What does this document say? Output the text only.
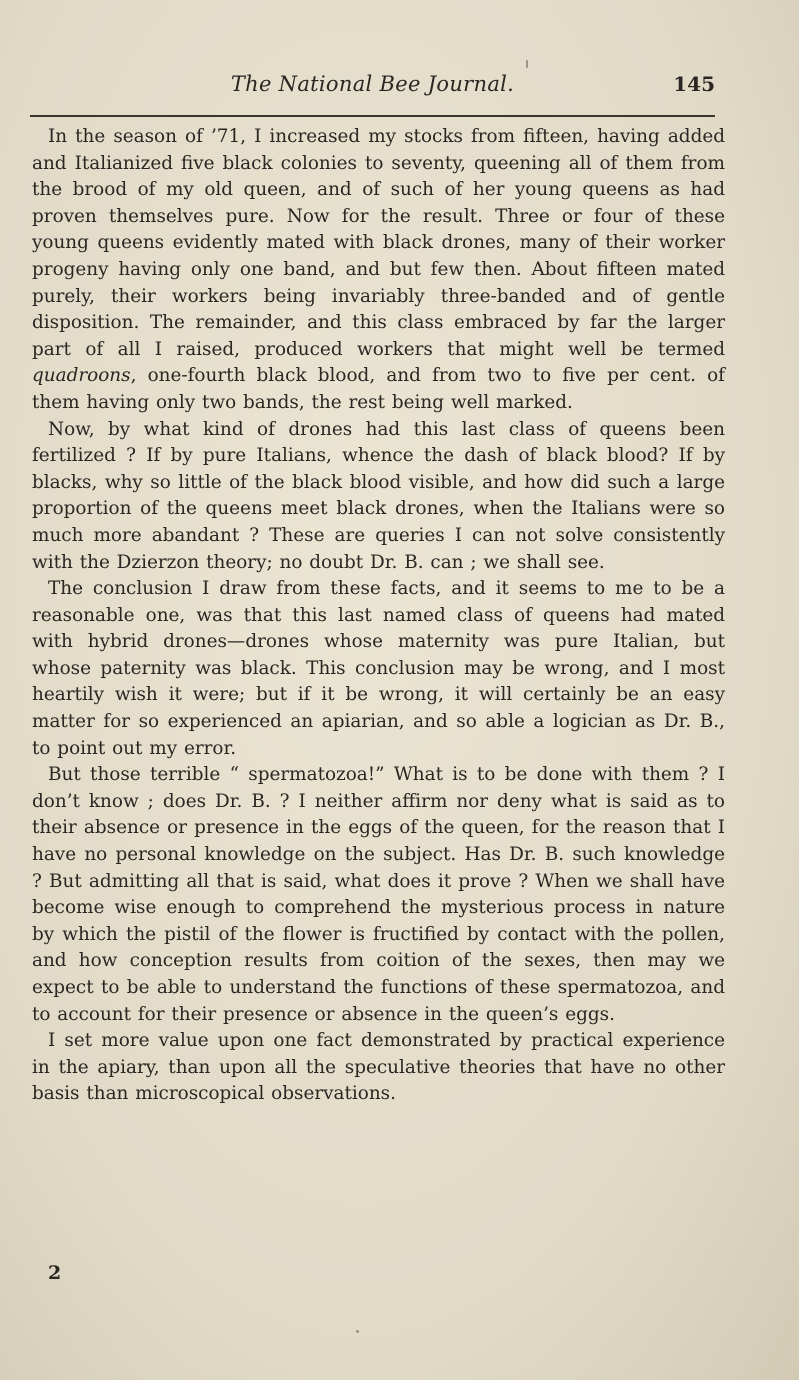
The National Bee Journal.	145

In the season of ’71, I increased my stocks from fifteen, having added and Italianized five black colonies to seventy, queening all of them from the brood of my old queen, and of such of her young queens as had proven themselves pure. Now for the result. Three or four of these young queens evidently mated with black drones, many of their worker progeny having only one band, and but few then. About fifteen mated purely, their workers being invariably three-banded and of gentle disposition. The remainder, and this class embraced by far the larger part of all I raised, produced workers that might well be termed quadroons, one-fourth black blood, and from two to five per cent. of them having only two bands, the rest being well marked.

Now, by what kind of drones had this last class of queens been fertilized ? If by pure Italians, whence the dash of black blood? If by blacks, why so little of the black blood visible, and how did such a large proportion of the queens meet black drones, when the Italians were so much more abandant ? These are queries I can not solve consistently with the Dzierzon theory; no doubt Dr. B. can ; we shall see.

The conclusion I draw from these facts, and it seems to me to be a reasonable one, was that this last named class of queens had mated with hybrid drones—drones whose maternity was pure Italian, but whose paternity was black. This conclusion may be wrong, and I most heartily wish it were; but if it be wrong, it will certainly be an easy matter for so experienced an apiarian, and so able a logician as Dr. B., to point out my error.

But those terrible “ spermatozoa!” What is to be done with them ? I don’t know ; does Dr. B. ? I neither affirm nor deny what is said as to their absence or presence in the eggs of the queen, for the reason that I have no personal knowledge on the subject. Has Dr. B. such knowledge ? But admitting all that is said, what does it prove ? When we shall have become wise enough to comprehend the mysterious process in nature by which the pistil of the flower is fructified by contact with the pollen, and how conception results from coition of the sexes, then may we expect to be able to understand the functions of these spermatozoa, and to account for their presence or absence in the queen’s eggs.

I set more value upon one fact demonstrated by practical experience in the apiary, than upon all the speculative theories that have no other basis than microscopical observations.

2
